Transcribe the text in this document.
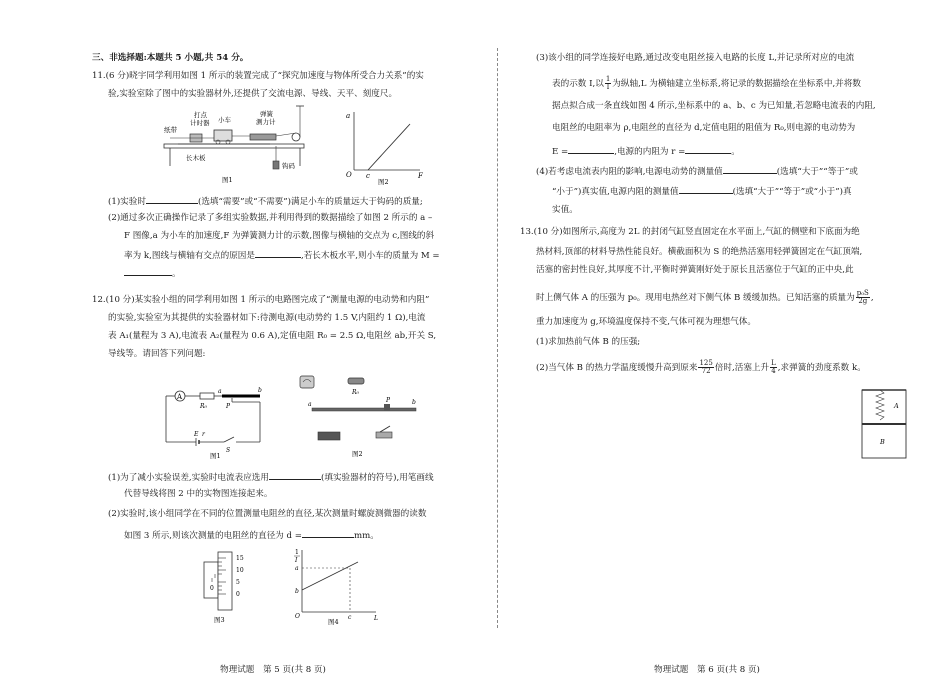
三、非选择题:本题共 5 小题,共 54 分。
11.(6 分)晓宇同学利用如图 1 所示的装置完成了“探究加速度与物体所受合力关系”的实
验,实验室除了图中的实验器材外,还提供了交流电源、导线、天平、刻度尺。
纸带
打点
计时器 小车
弹簧
测力计
长木板
钩码
图1
a
F
O c
图2
(1)实验时	(选填“需要”或“不需要”)满足小车的质量远大于钩码的质量;
(2)通过多次正确操作记录了多组实验数据,并利用得到的数据描绘了如图 2 所示的 a –
F 图像,a 为小车的加速度,F 为弹簧测力计的示数,图像与横轴的交点为 c,图线的斜
率为 k,图线与横轴有交点的原因是	,若长木板水平,则小车的质量为 M =
。
12.(10 分)某实验小组的同学利用如图 1 所示的电路图完成了“测量电源的电动势和内阻”
的实验,实验室为其提供的实验器材如下:待测电源(电动势约 1.5 V,内阻约 1 Ω),电流
表 A₁(量程为 3 A),电流表 A₂(量程为 0.6 A),定值电阻 R₀ = 2.5 Ω,电阻丝 ab,开关 S,
导线等。请回答下列问题:
A
R₀
a	b
P
E r
S
图1
R₀
a	b
P
图2
(1)为了减小实验误差,实验时电流表应选用	(填实验器材的符号),用笔画线
代替导线将图 2 中的实物图连接起来。
(2)实验时,该小组同学在不同的位置测量电阻丝的直径,某次测量时螺旋测微器的读数
如图 3 所示,则该次测量的电阻丝的直径为 d =	mm。
0
15
10
5
0
图3
1
I
a
b
O	c	L
图4
物理试题　第 5 页(共 8 页)
(3)该小组的同学连接好电路,通过改变电阻丝接入电路的长度 L,并记录所对应的电流
表的示数 I,以 $\frac{1}{I}$ 为纵轴,L 为横轴建立坐标系,将记录的数据描绘在坐标系中,并将数
据点拟合成一条直线如图 4 所示,坐标系中的 a、b、c 为已知量,若忽略电流表的内阻,
电阻丝的电阻率为 ρ,电阻丝的直径为 d,定值电阻的阻值为 R₀,则电源的电动势为
E =	,电源的内阻为 r =	。
(4)若考虑电流表内阻的影响,电源电动势的测量值	(选填“大于”“等于”或
“小于”)真实值,电源内阻的测量值	(选填“大于”“等于”或“小于”)真
实值。
13.(10 分)如图所示,高度为 2L 的封闭气缸竖直固定在水平面上,气缸的侧壁和下底面为绝
热材料,顶部的材料导热性能良好。横截面积为 S 的绝热活塞用轻弹簧固定在气缸顶端,
活塞的密封性良好,其厚度不计,平衡时弹簧刚好处于原长且活塞位于气缸的正中央,此
时上侧气体 A 的压强为 p₀。现用电热丝对下侧气体 B 缓缓加热。已知活塞的质量为 $\frac{\text{p₀S}}{2g}$ ,
重力加速度为 g,环境温度保持不变,气体可视为理想气体。
(1)求加热前气体 B 的压强;
(2)当气体 B 的热力学温度缓慢升高到原来 $\frac{125}{72}$ 倍时,活塞上升 $\frac{L}{4}$ ,求弹簧的劲度系数 k。
A
B
物理试题　第 6 页(共 8 页)
